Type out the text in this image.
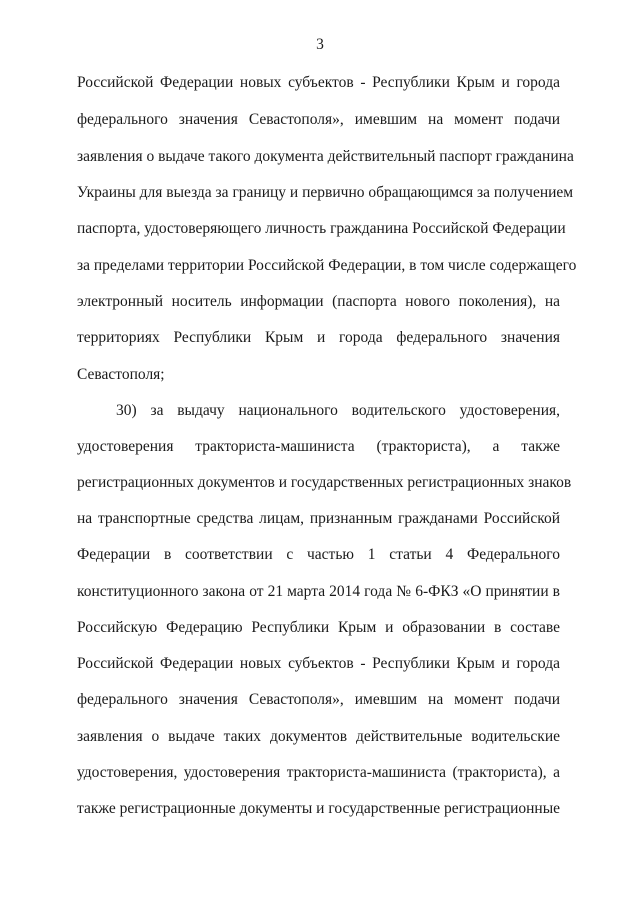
3
Российской Федерации новых субъектов - Республики Крым и города
федерального значения Севастополя», имевшим на момент подачи
заявления о выдаче такого документа действительный паспорт гражданина
Украины для выезда за границу и первично обращающимся за получением
паспорта, удостоверяющего личность гражданина Российской Федерации
за пределами территории Российской Федерации, в том числе содержащего
электронный носитель информации (паспорта нового поколения), на
территориях Республики Крым и города федерального значения
Севастополя;
30) за выдачу национального водительского удостоверения,
удостоверения тракториста-машиниста (тракториста), а также
регистрационных документов и государственных регистрационных знаков
на транспортные средства лицам, признанным гражданами Российской
Федерации в соответствии с частью 1 статьи 4 Федерального
конституционного закона от 21 марта 2014 года № 6-ФКЗ «О принятии в
Российскую Федерацию Республики Крым и образовании в составе
Российской Федерации новых субъектов - Республики Крым и города
федерального значения Севастополя», имевшим на момент подачи
заявления о выдаче таких документов действительные водительские
удостоверения, удостоверения тракториста-машиниста (тракториста), а
также регистрационные документы и государственные регистрационные
